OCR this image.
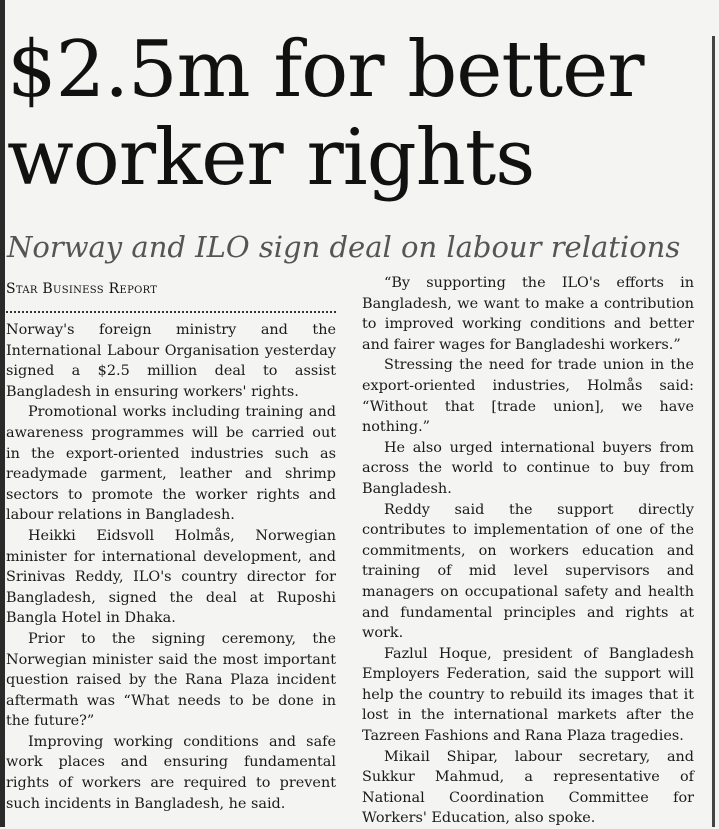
$2.5m for better worker rights
Norway and ILO sign deal on labour relations
Star Business Report

Norway's foreign ministry and the International Labour Organisation yesterday signed a $2.5 million deal to assist Bangladesh in ensuring workers' rights.

Promotional works including training and awareness programmes will be carried out in the export-oriented industries such as readymade garment, leather and shrimp sectors to promote the worker rights and labour relations in Bangladesh.

Heikki Eidsvoll Holmås, Norwegian minister for international development, and Srinivas Reddy, ILO's country director for Bangladesh, signed the deal at Ruposhi Bangla Hotel in Dhaka.

Prior to the signing ceremony, the Norwegian minister said the most important question raised by the Rana Plaza incident aftermath was “What needs to be done in the future?”

Improving working conditions and safe work places and ensuring fundamental rights of workers are required to prevent such incidents in Bangladesh, he said.

“By supporting the ILO's efforts in Bangladesh, we want to make a contribution to improved working conditions and better and fairer wages for Bangladeshi workers.”

Stressing the need for trade union in the export-oriented industries, Holmås said: “Without that [trade union], we have nothing.”

He also urged international buyers from across the world to continue to buy from Bangladesh.

Reddy said the support directly contributes to implementation of one of the commitments, on workers education and training of mid level supervisors and managers on occupational safety and health and fundamental principles and rights at work.

Fazlul Hoque, president of Bangladesh Employers Federation, said the support will help the country to rebuild its images that it lost in the international markets after the Tazreen Fashions and Rana Plaza tragedies.

Mikail Shipar, labour secretary, and Sukkur Mahmud, a representative of National Coordination Committee for Workers' Education, also spoke.
